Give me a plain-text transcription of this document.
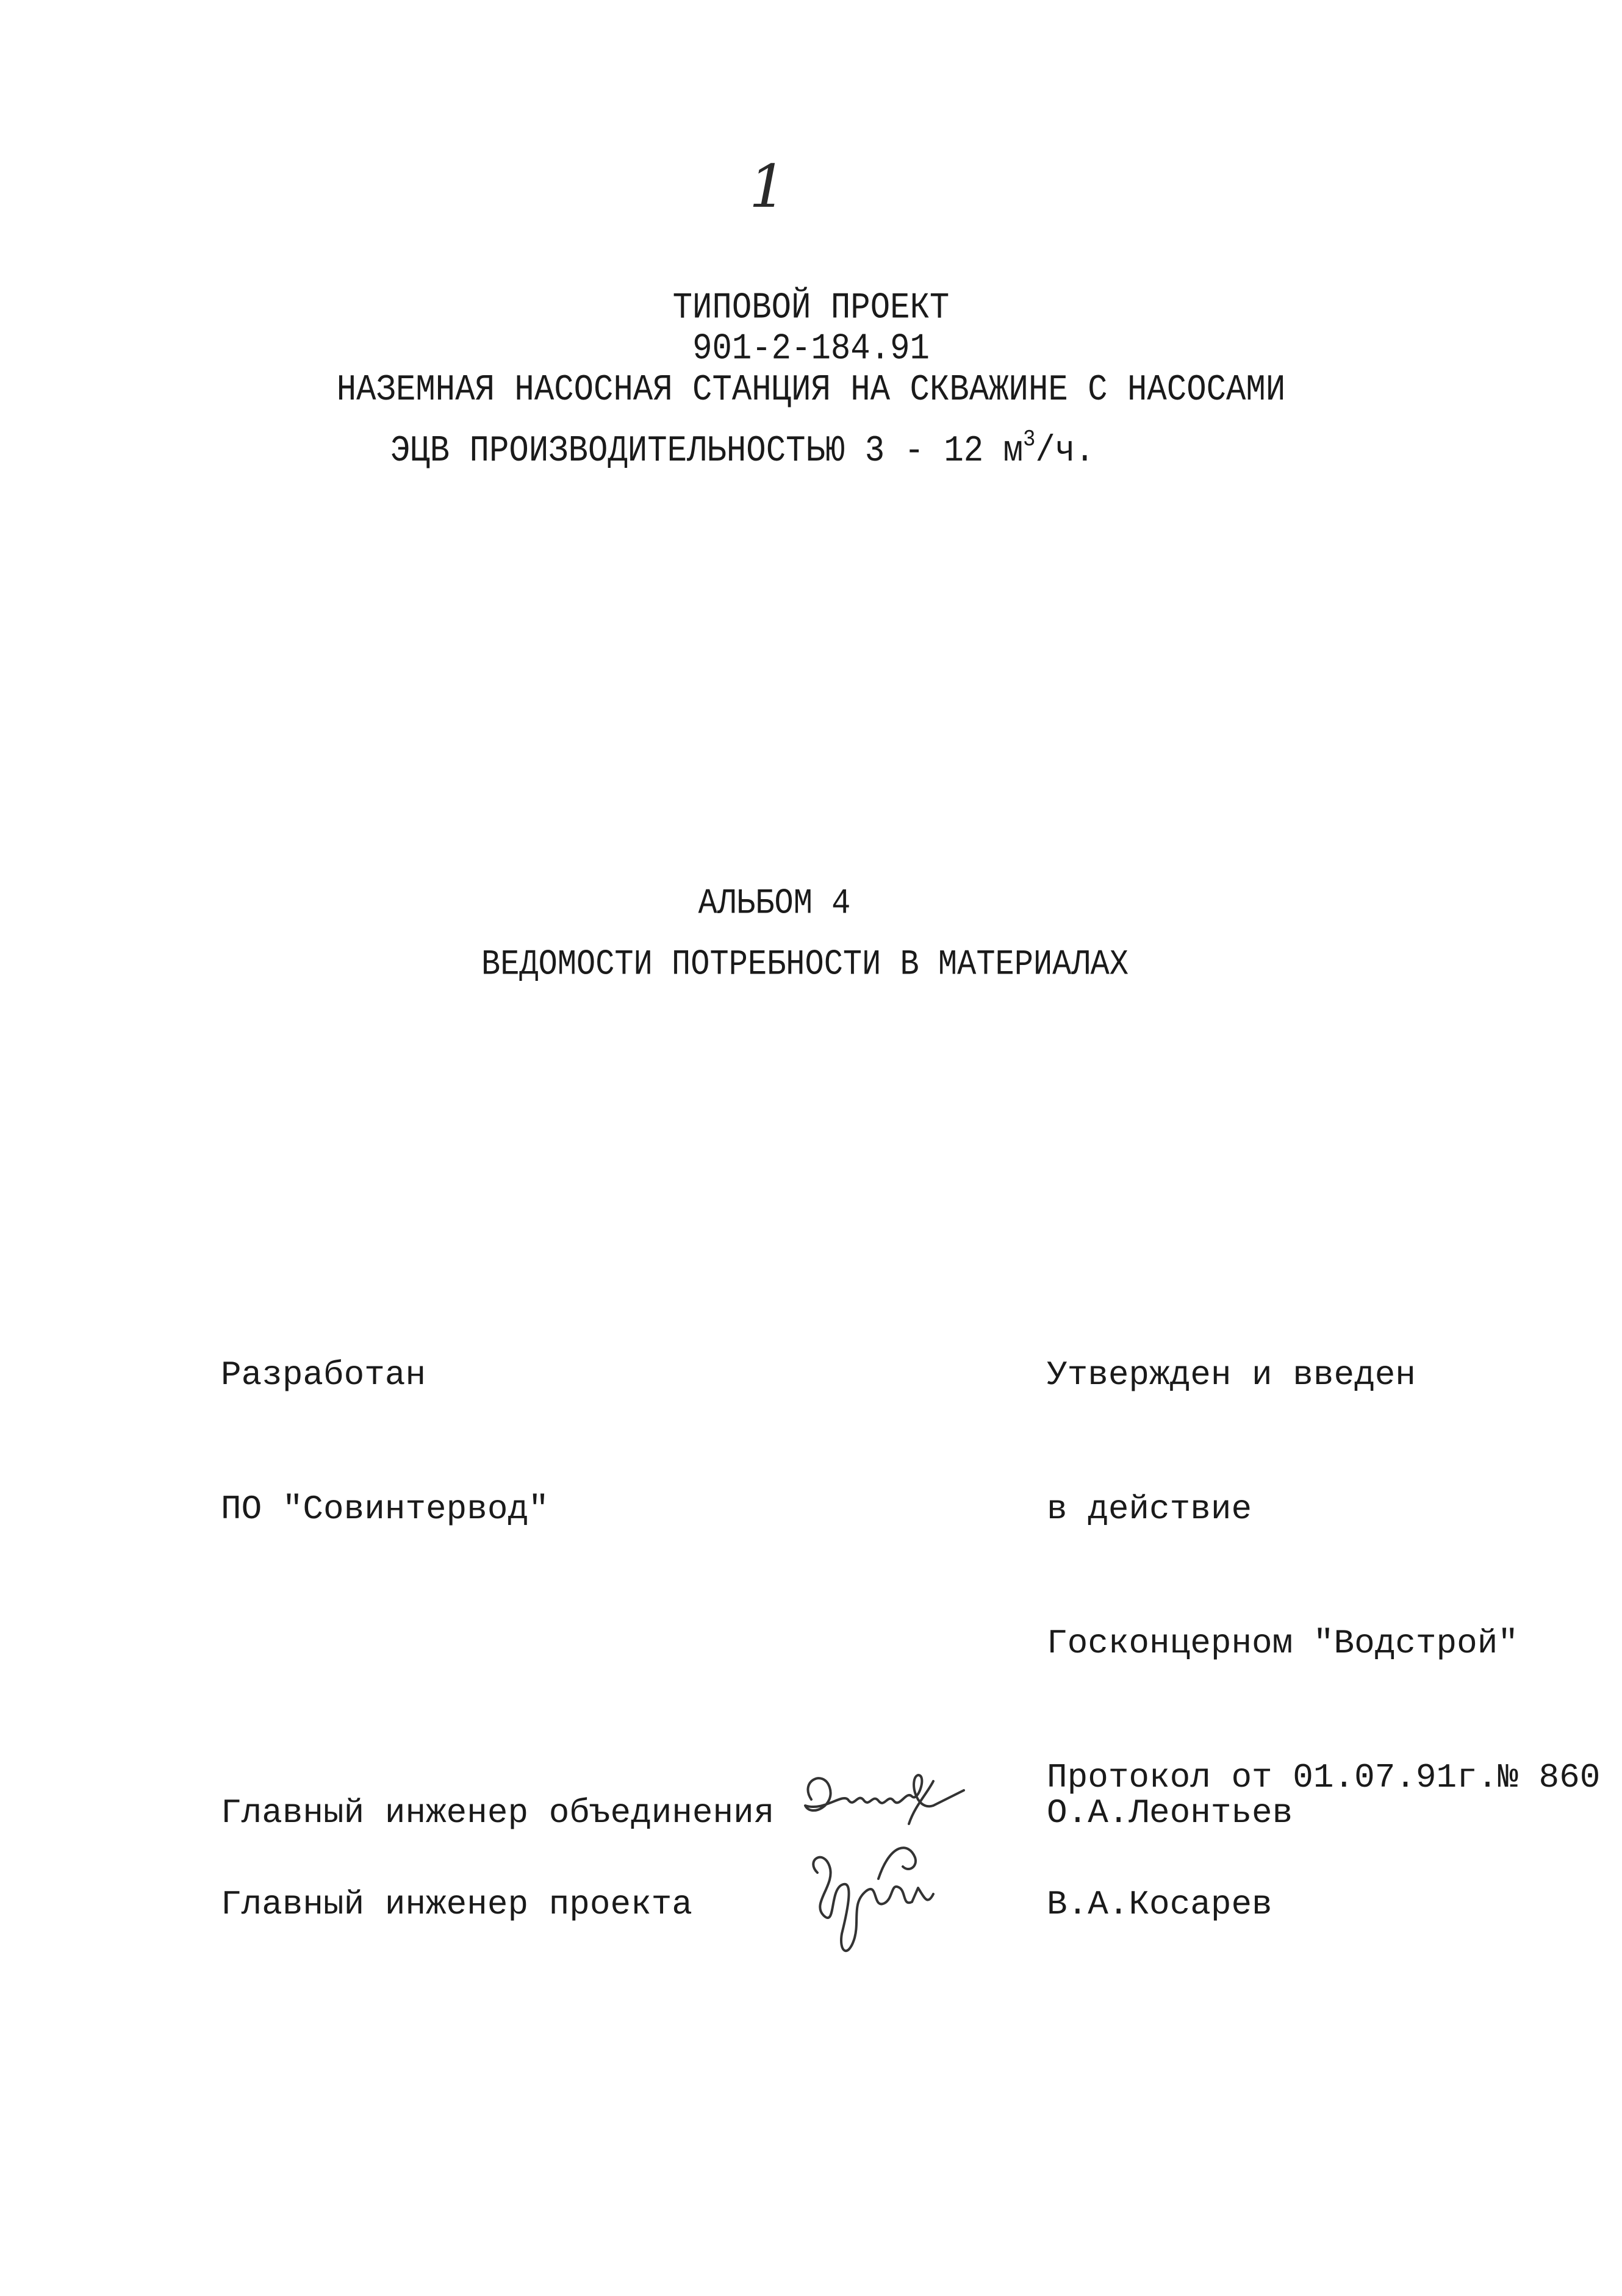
1
ТИПОВОЙ ПРОЕКТ
901-2-184.91
НАЗЕМНАЯ НАСОСНАЯ СТАНЦИЯ НА СКВАЖИНЕ С НАСОСАМИ
ЭЦВ ПРОИЗВОДИТЕЛЬНОСТЬЮ 3 - 12 $м^3/ч$.
АЛЬБОМ 4
ВЕДОМОСТИ ПОТРЕБНОСТИ В МАТЕРИАЛАХ

Разработан

ПО "Совинтервод"

Утвержден и введен

в действие

Госконцерном "Водстрой"

Протокол от 01.07.91г.№ 860

Главный инженер объединения

	О.А.Леонтьев

Главный инженер проекта

	В.А.Косарев
